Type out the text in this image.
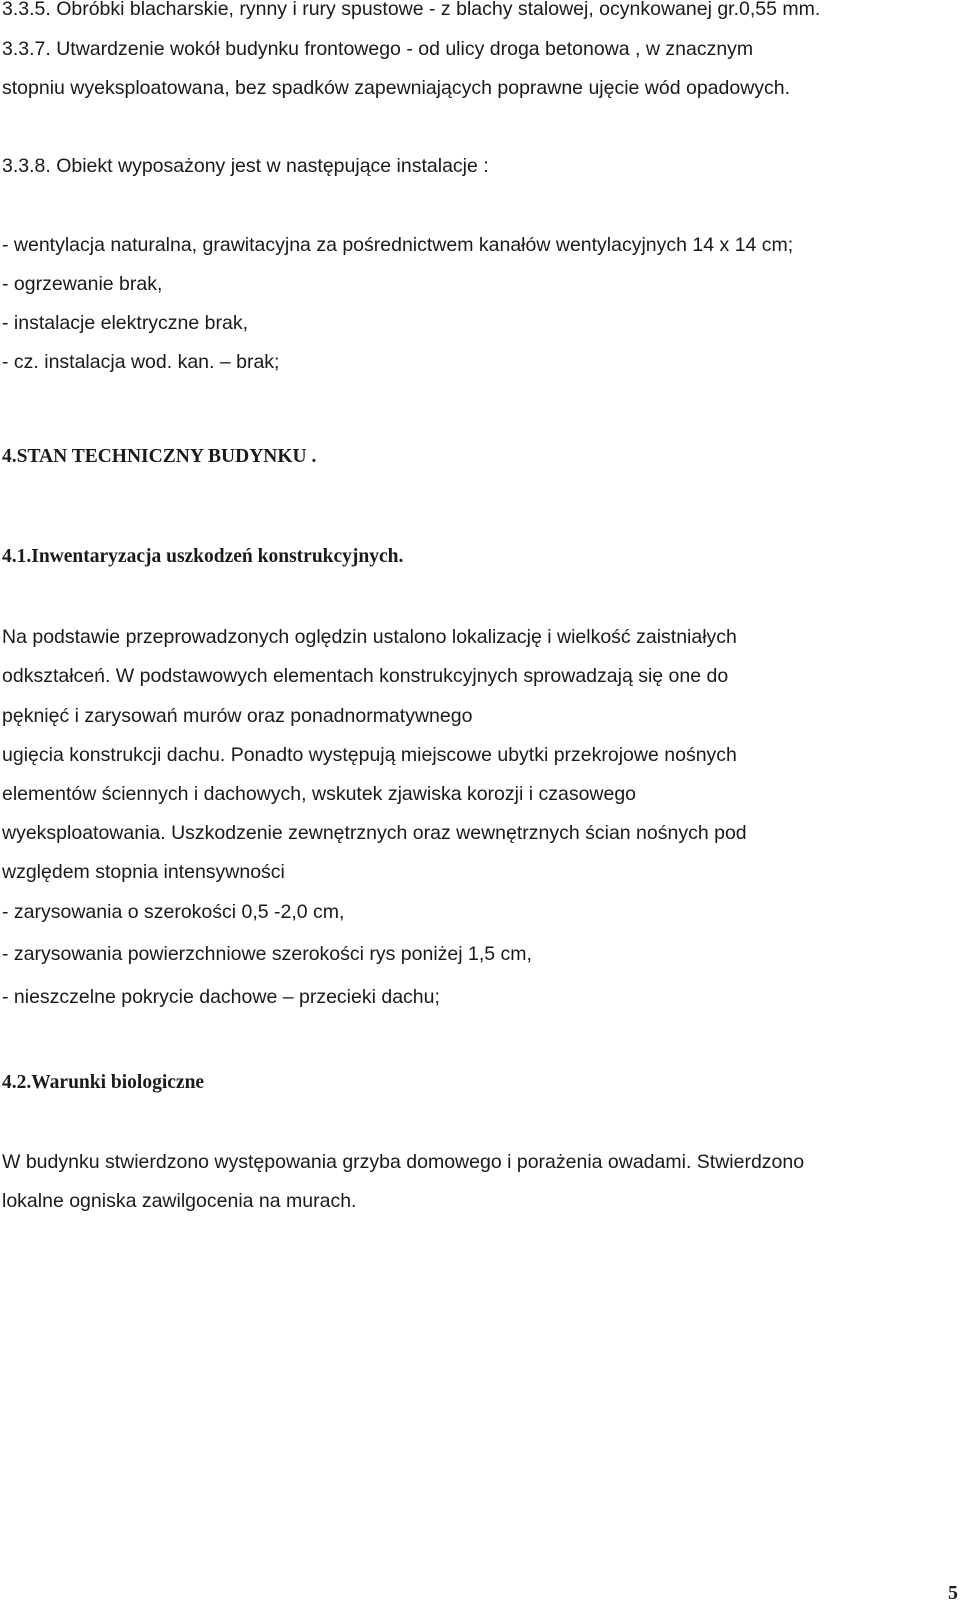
3.3.5. Obróbki blacharskie, rynny i rury spustowe - z blachy stalowej, ocynkowanej gr.0,55 mm.
3.3.7. Utwardzenie wokół budynku frontowego - od ulicy droga betonowa , w znacznym
stopniu wyeksploatowana, bez spadków zapewniających poprawne ujęcie wód opadowych.
3.3.8. Obiekt wyposażony jest w następujące instalacje :
- wentylacja naturalna, grawitacyjna za pośrednictwem kanałów wentylacyjnych 14 x 14 cm;
- ogrzewanie brak,
- instalacje elektryczne brak,
- cz. instalacja wod. kan. – brak;
4.STAN TECHNICZNY BUDYNKU .
4.1.Inwentaryzacja uszkodzeń konstrukcyjnych.
Na podstawie przeprowadzonych oględzin ustalono lokalizację i wielkość zaistniałych
odkształceń. W podstawowych elementach konstrukcyjnych sprowadzają się one do
pęknięć i zarysowań murów oraz ponadnormatywnego
ugięcia konstrukcji dachu. Ponadto występują miejscowe ubytki przekrojowe nośnych
elementów ściennych i dachowych, wskutek zjawiska korozji i czasowego
wyeksploatowania. Uszkodzenie zewnętrznych oraz wewnętrznych ścian nośnych pod
względem stopnia intensywności
- zarysowania o szerokości 0,5 -2,0 cm,
- zarysowania powierzchniowe szerokości rys poniżej 1,5 cm,
- nieszczelne pokrycie dachowe – przecieki dachu;
4.2.Warunki biologiczne
W budynku stwierdzono występowania grzyba domowego i porażenia owadami. Stwierdzono
lokalne ogniska zawilgocenia na murach.
5
